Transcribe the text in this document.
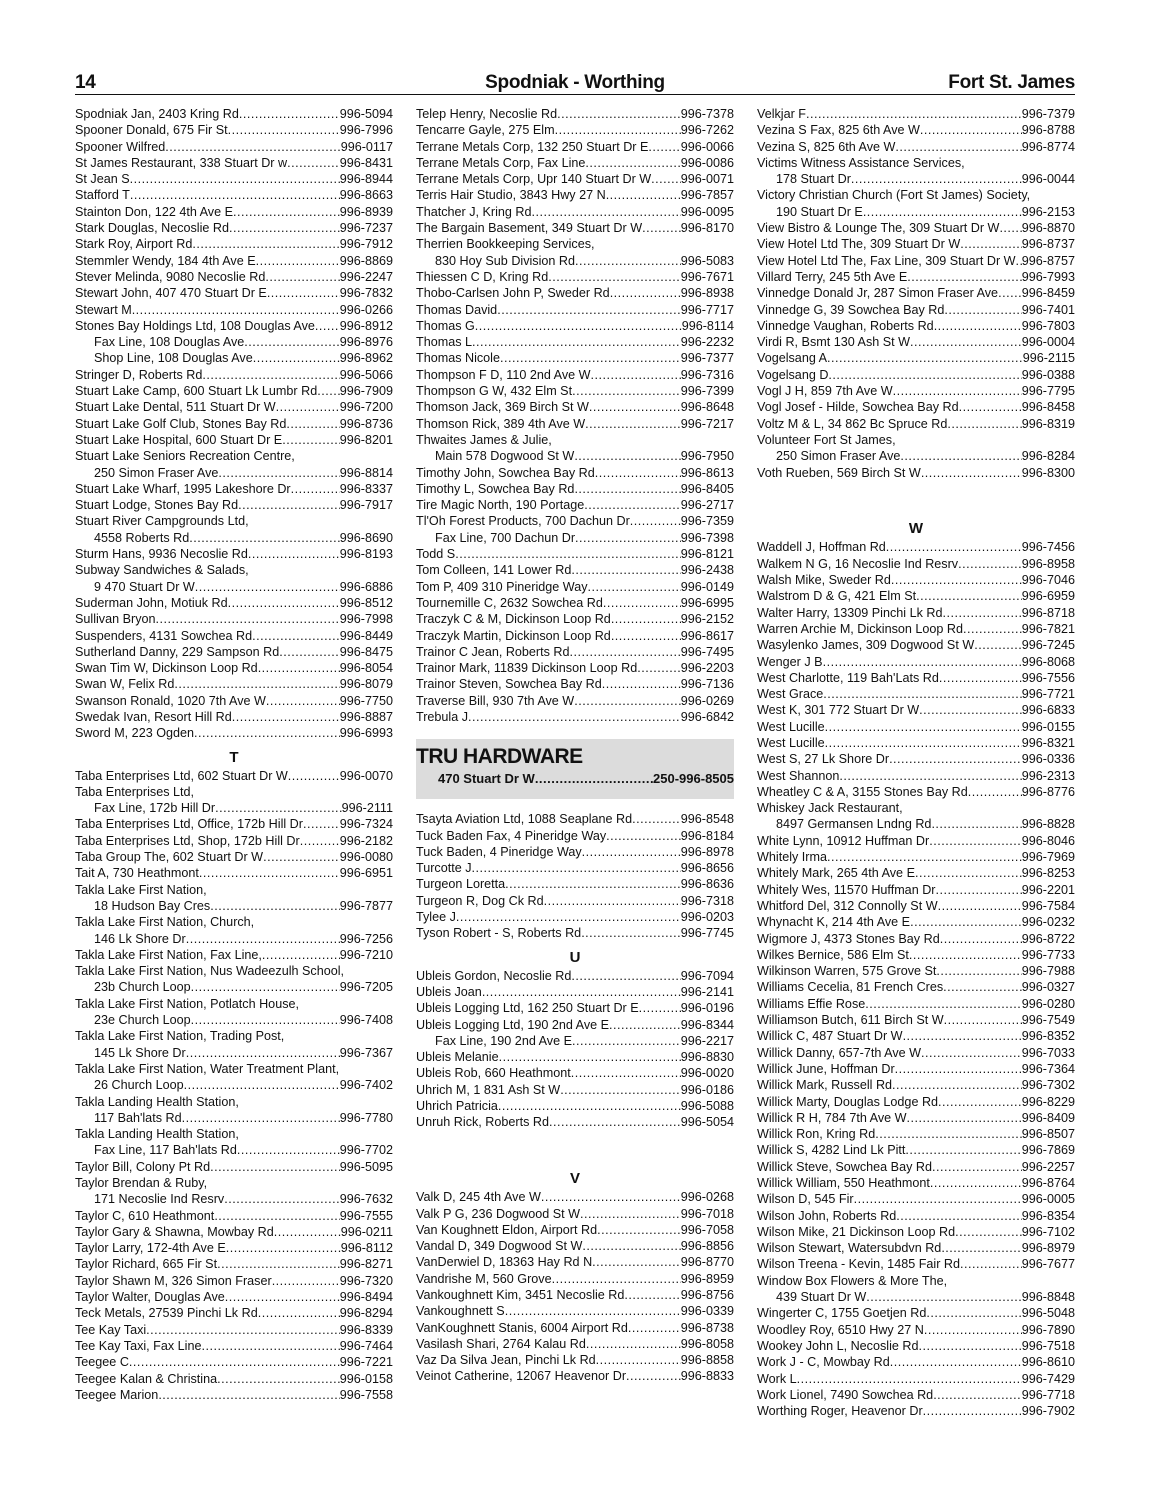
Spodniak - Worthing
14	Fort St. James
Spodniak Jan, 2403 Kring Rd .....	996-5094
Spooner Donald, 675 Fir St .....	996-7996
Spooner Wilfred .....	996-0117
St James Restaurant, 338 Stuart Dr w .....	996-8431
St Jean S .....	996-8944
Stafford T .....	996-8663
Stainton Don, 122 4th Ave E .....	996-8939
Stark Douglas, Necoslie Rd .....	996-7237
Stark Roy, Airport Rd .....	996-7912
Stemmler Wendy, 184 4th Ave E .....	996-8869
Stever Melinda, 9080 Necoslie Rd .....	996-2247
Stewart John, 407 470 Stuart Dr E .....	996-7832
Stewart M .....	996-0266
Stones Bay Holdings Ltd, 108 Douglas Ave ..... 996-8912
Fax Line, 108 Douglas Ave .....	996-8976
Shop Line, 108 Douglas Ave .....	996-8962
Stringer D, Roberts Rd .....	996-5066
Stuart Lake Camp, 600 Stuart Lk Lumbr Rd ..... 996-7909
Stuart Lake Dental, 511 Stuart Dr W .....	996-7200
Stuart Lake Golf Club, Stones Bay Rd .....	996-8736
Stuart Lake Hospital, 600 Stuart Dr E .....	996-8201
Stuart Lake Seniors Recreation Centre,
250 Simon Fraser Ave .....	996-8814
Stuart Lake Wharf, 1995 Lakeshore Dr .....	996-8337
Stuart Lodge, Stones Bay Rd .....	996-7917
Stuart River Campgrounds Ltd,
4558 Roberts Rd .....	996-8690
Sturm Hans, 9936 Necoslie Rd .....	996-8193
Subway Sandwiches & Salads,
9 470 Stuart Dr W .....	996-6886
Suderman John, Motiuk Rd .....	996-8512
Sullivan Bryon .....	996-7998
Suspenders, 4131 Sowchea Rd .....	996-8449
Sutherland Danny, 229 Sampson Rd .....	996-8475
Swan Tim W, Dickinson Loop Rd .....	996-8054
Swan W, Felix Rd .....	996-8079
Swanson Ronald, 1020 7th Ave W .....	996-7750
Swedak Ivan, Resort Hill Rd .....	996-8887
Sword M, 223 Ogden .....	996-6993
T
Taba Enterprises Ltd, 602 Stuart Dr W .....	996-0070
Taba Enterprises Ltd,
Fax Line, 172b Hill Dr .....	996-2111
Taba Enterprises Ltd, Office, 172b Hill Dr .....	996-7324
Taba Enterprises Ltd, Shop, 172b Hill Dr .....	996-2182
Taba Group The, 602 Stuart Dr W .....	996-0080
Tait A, 730 Heathmont .....	996-6951
Takla Lake First Nation,
18 Hudson Bay Cres .....	996-7877
Takla Lake First Nation, Church,
146 Lk Shore Dr .....	996-7256
Takla Lake First Nation, Fax Line, .....	996-7210
Takla Lake First Nation, Nus Wadeezulh School,
23b Church Loop .....	996-7205
Takla Lake First Nation, Potlatch House,
23e Church Loop .....	996-7408
Takla Lake First Nation, Trading Post,
145 Lk Shore Dr .....	996-7367
Takla Lake First Nation, Water Treatment Plant,
26 Church Loop .....	996-7402
Takla Landing Health Station,
117 Bah'lats Rd .....	996-7780
Takla Landing Health Station,
Fax Line, 117 Bah'lats Rd .....	996-7702
Taylor Bill, Colony Pt Rd .....	996-5095
Taylor Brendan & Ruby,
171 Necoslie Ind Resrv .....	996-7632
Taylor C, 610 Heathmont .....	996-7555
Taylor Gary & Shawna, Mowbay Rd .....	996-0211
Taylor Larry, 172-4th Ave E .....	996-8112
Taylor Richard, 665 Fir St .....	996-8271
Taylor Shawn M, 326 Simon Fraser .....	996-7320
Taylor Walter, Douglas Ave .....	996-8494
Teck Metals, 27539 Pinchi Lk Rd .....	996-8294
Tee Kay Taxi .....	996-8339
Tee Kay Taxi, Fax Line .....	996-7464
Teegee C .....	996-7221
Teegee Kalan & Christina .....	996-0158
Teegee Marion .....	996-7558
Telep Henry, Necoslie Rd .....	996-7378
Tencarre Gayle, 275 Elm .....	996-7262
Terrane Metals Corp, 132 250 Stuart Dr E .....	996-0066
Terrane Metals Corp, Fax Line .....	996-0086
Terrane Metals Corp, Upr 140 Stuart Dr W ..... 996-0071
Terris Hair Studio, 3843 Hwy 27 N .....	996-7857
Thatcher J, Kring Rd .....	996-0095
The Bargain Basement, 349 Stuart Dr W .....	996-8170
Therrien Bookkeeping Services,
830 Hoy Sub Division Rd .....	996-5083
Thiessen C D, Kring Rd .....	996-7671
Thobo-Carlsen John P, Sweder Rd .....	996-8938
Thomas David .....	996-7717
Thomas G .....	996-8114
Thomas L .....	996-2232
Thomas Nicole .....	996-7377
Thompson F D, 110 2nd Ave W .....	996-7316
Thompson G W, 432 Elm St .....	996-7399
Thomson Jack, 369 Birch St W .....	996-8648
Thomson Rick, 389 4th Ave W .....	996-7217
Thwaites James & Julie,
Main 578 Dogwood St W .....	996-7950
Timothy John, Sowchea Bay Rd .....	996-8613
Timothy L, Sowchea Bay Rd .....	996-8405
Tire Magic North, 190 Portage .....	996-2717
Tl'Oh Forest Products, 700 Dachun Dr .....	996-7359
Fax Line, 700 Dachun Dr .....	996-7398
Todd S .....	996-8121
Tom Colleen, 141 Lower Rd .....	996-2438
Tom P, 409 310 Pineridge Way .....	996-0149
Tournemille C, 2632 Sowchea Rd .....	996-6995
Traczyk C & M, Dickinson Loop Rd .....	996-2152
Traczyk Martin, Dickinson Loop Rd .....	996-8617
Trainor C Jean, Roberts Rd .....	996-7495
Trainor Mark, 11839 Dickinson Loop Rd .....	996-2203
Trainor Steven, Sowchea Bay Rd .....	996-7136
Traverse Bill, 930 7th Ave W .....	996-0269
Trebula J .....	996-6842
TRU HARDWARE
470 Stuart Dr W .....	250-996-8505
Tsayta Aviation Ltd, 1088 Seaplane Rd .....	996-8548
Tuck Baden Fax, 4 Pineridge Way .....	996-8184
Tuck Baden, 4 Pineridge Way .....	996-8978
Turcotte J .....	996-8656
Turgeon Loretta .....	996-8636
Turgeon R, Dog Ck Rd .....	996-7318
Tylee J .....	996-0203
Tyson Robert - S, Roberts Rd .....	996-7745
U
Ubleis Gordon, Necoslie Rd .....	996-7094
Ubleis Joan .....	996-2141
Ubleis Logging Ltd, 162 250 Stuart Dr E .....	996-0196
Ubleis Logging Ltd, 190 2nd Ave E .....	996-8344
Fax Line, 190 2nd Ave E .....	996-2217
Ubleis Melanie .....	996-8830
Ubleis Rob, 660 Heathmont .....	996-0020
Uhrich M, 1 831 Ash St W .....	996-0186
Uhrich Patricia .....	996-5088
Unruh Rick, Roberts Rd .....	996-5054
V
Valk D, 245 4th Ave W .....	996-0268
Valk P G, 236 Dogwood St W .....	996-7018
Van Koughnett Eldon, Airport Rd .....	996-7058
Vandal D, 349 Dogwood St W .....	996-8856
VanDerwiel D, 18363 Hay Rd N .....	996-8770
Vandrishe M, 560 Grove .....	996-8959
Vankoughnett Kim, 3451 Necoslie Rd .....	996-8756
Vankoughnett S .....	996-0339
VanKoughnett Stanis, 6004 Airport Rd .....	996-8738
Vasilash Shari, 2764 Kalau Rd .....	996-8058
Vaz Da Silva Jean, Pinchi Lk Rd .....	996-8858
Veinot Catherine, 12067 Heavenor Dr .....	996-8833
Velkjar F .....	996-7379
Vezina S Fax, 825 6th Ave W .....	996-8788
Vezina S, 825 6th Ave W .....	996-8774
Victims Witness Assistance Services,
178 Stuart Dr .....	996-0044
Victory Christian Church (Fort St James) Society,
190 Stuart Dr E .....	996-2153
View Bistro & Lounge The, 309 Stuart Dr W ..... 996-8870
View Hotel Ltd The, 309 Stuart Dr W .....	996-8737
View Hotel Ltd The, Fax Line, 309 Stuart Dr W ..... 996-8757
Villard Terry, 245 5th Ave E .....	996-7993
Vinnedge Donald Jr, 287 Simon Fraser Ave ..... 996-8459
Vinnedge G, 39 Sowchea Bay Rd .....	996-7401
Vinnedge Vaughan, Roberts Rd .....	996-7803
Virdi R, Bsmt 130 Ash St W .....	996-0004
Vogelsang A .....	996-2115
Vogelsang D .....	996-0388
Vogl J H, 859 7th Ave W .....	996-7795
Vogl Josef - Hilde, Sowchea Bay Rd .....	996-8458
Voltz M & L, 34 862 Bc Spruce Rd .....	996-8319
Volunteer Fort St James,
250 Simon Fraser Ave .....	996-8284
Voth Rueben, 569 Birch St W .....	996-8300
W
Waddell J, Hoffman Rd .....	996-7456
Walkem N G, 16 Necoslie Ind Resrv .....	996-8958
Walsh Mike, Sweder Rd .....	996-7046
Walstrom D & G, 421 Elm St .....	996-6959
Walter Harry, 13309 Pinchi Lk Rd .....	996-8718
Warren Archie M, Dickinson Loop Rd .....	996-7821
Wasylenko James, 309 Dogwood St W .....	996-7245
Wenger J B .....	996-8068
West Charlotte, 119 Bah'Lats Rd .....	996-7556
West Grace .....	996-7721
West K, 301 772 Stuart Dr W .....	996-6833
West Lucille .....	996-0155
West Lucille .....	996-8321
West S, 27 Lk Shore Dr .....	996-0336
West Shannon .....	996-2313
Wheatley C & A, 3155 Stones Bay Rd .....	996-8776
Whiskey Jack Restaurant,
8497 Germansen Lndng Rd .....	996-8828
White Lynn, 10912 Huffman Dr .....	996-8046
Whitely Irma .....	996-7969
Whitely Mark, 265 4th Ave E .....	996-8253
Whitely Wes, 11570 Huffman Dr .....	996-2201
Whitford Del, 312 Connolly St W .....	996-7584
Whynacht K, 214 4th Ave E .....	996-0232
Wigmore J, 4373 Stones Bay Rd .....	996-8722
Wilkes Bernice, 586 Elm St .....	996-7733
Wilkinson Warren, 575 Grove St .....	996-7988
Williams Cecelia, 81 French Cres .....	996-0327
Williams Effie Rose .....	996-0280
Williamson Butch, 611 Birch St W .....	996-7549
Willick C, 487 Stuart Dr W .....	996-8352
Willick Danny, 657-7th Ave W .....	996-7033
Willick June, Hoffman Dr .....	996-7364
Willick Mark, Russell Rd .....	996-7302
Willick Marty, Douglas Lodge Rd .....	996-8229
Willick R H, 784 7th Ave W .....	996-8409
Willick Ron, Kring Rd .....	996-8507
Willick S, 4282 Lind Lk Pitt .....	996-7869
Willick Steve, Sowchea Bay Rd .....	996-2257
Willick William, 550 Heathmont .....	996-8764
Wilson D, 545 Fir .....	996-0005
Wilson John, Roberts Rd .....	996-8354
Wilson Mike, 21 Dickinson Loop Rd .....	996-7102
Wilson Stewart, Watersubdvn Rd .....	996-8979
Wilson Treena - Kevin, 1485 Fair Rd .....	996-7677
Window Box Flowers & More The,
439 Stuart Dr W .....	996-8848
Wingerter C, 1755 Goetjen Rd .....	996-5048
Woodley Roy, 6510 Hwy 27 N .....	996-7890
Wookey John L, Necoslie Rd .....	996-7518
Work J - C, Mowbay Rd .....	996-8610
Work L .....	996-7429
Work Lionel, 7490 Sowchea Rd .....	996-7718
Worthing Roger, Heavenor Dr .....	996-7902
